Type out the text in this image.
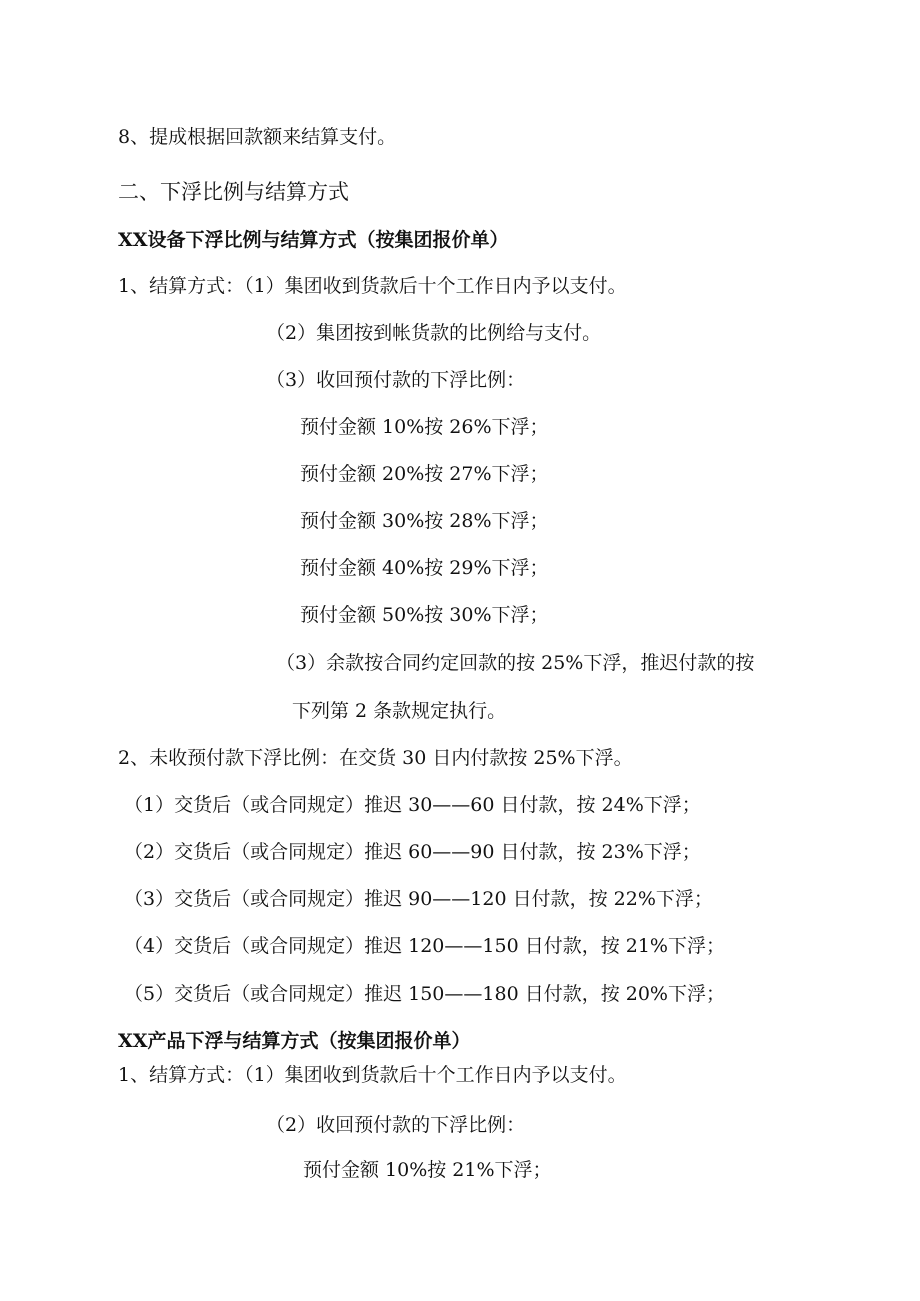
8、提成根据回款额来结算支付。
二、下浮比例与结算方式
XX设备下浮比例与结算方式（按集团报价单）
1、结算方式：（1）集团收到货款后十个工作日内予以支付。
（2）集团按到帐货款的比例给与支付。
（3）收回预付款的下浮比例：
预付金额 10%按 26%下浮；
预付金额 20%按 27%下浮；
预付金额 30%按 28%下浮；
预付金额 40%按 29%下浮；
预付金额 50%按 30%下浮；
（3）余款按合同约定回款的按 25%下浮，推迟付款的按
下列第 2 条款规定执行。
2、未收预付款下浮比例：在交货 30 日内付款按 25%下浮。
（1）交货后（或合同规定）推迟 30——60 日付款，按 24%下浮；
（2）交货后（或合同规定）推迟 60——90 日付款，按 23%下浮；
（3）交货后（或合同规定）推迟 90——120 日付款，按 22%下浮；
（4）交货后（或合同规定）推迟 120——150 日付款，按 21%下浮；
（5）交货后（或合同规定）推迟 150——180 日付款，按 20%下浮；
XX产品下浮与结算方式（按集团报价单）
1、结算方式：（1）集团收到货款后十个工作日内予以支付。
（2）收回预付款的下浮比例：
预付金额 10%按 21%下浮；
